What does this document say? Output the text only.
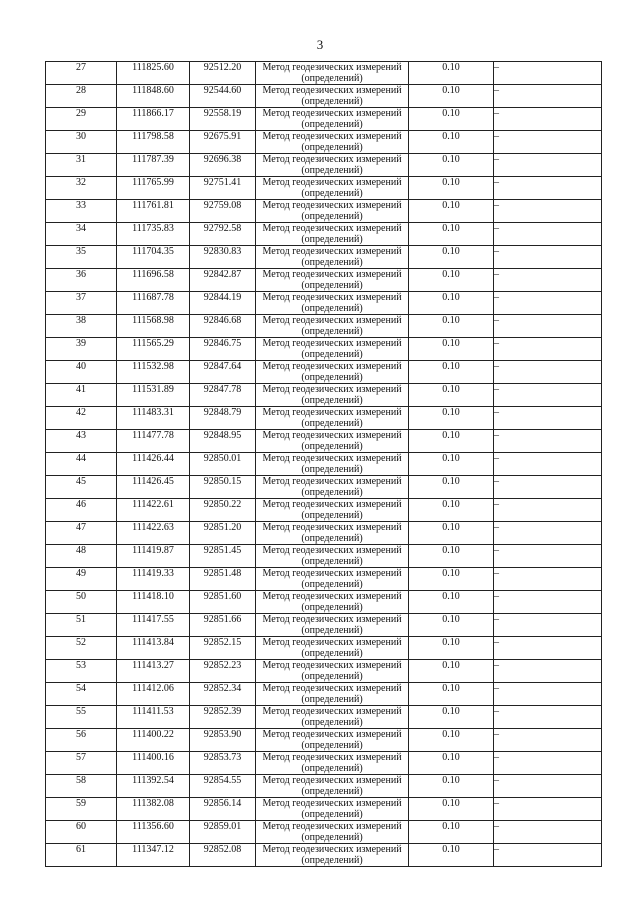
3
27	111825.60	92512.20	Метод геодезических измерений
(определений)	0.10	–
28	111848.60	92544.60	Метод геодезических измерений
(определений)	0.10	–
29	111866.17	92558.19	Метод геодезических измерений
(определений)	0.10	–
30	111798.58	92675.91	Метод геодезических измерений
(определений)	0.10	–
31	111787.39	92696.38	Метод геодезических измерений
(определений)	0.10	–
32	111765.99	92751.41	Метод геодезических измерений
(определений)	0.10	–
33	111761.81	92759.08	Метод геодезических измерений
(определений)	0.10	–
34	111735.83	92792.58	Метод геодезических измерений
(определений)	0.10	–
35	111704.35	92830.83	Метод геодезических измерений
(определений)	0.10	–
36	111696.58	92842.87	Метод геодезических измерений
(определений)	0.10	–
37	111687.78	92844.19	Метод геодезических измерений
(определений)	0.10	–
38	111568.98	92846.68	Метод геодезических измерений
(определений)	0.10	–
39	111565.29	92846.75	Метод геодезических измерений
(определений)	0.10	–
40	111532.98	92847.64	Метод геодезических измерений
(определений)	0.10	–
41	111531.89	92847.78	Метод геодезических измерений
(определений)	0.10	–
42	111483.31	92848.79	Метод геодезических измерений
(определений)	0.10	–
43	111477.78	92848.95	Метод геодезических измерений
(определений)	0.10	–
44	111426.44	92850.01	Метод геодезических измерений
(определений)	0.10	–
45	111426.45	92850.15	Метод геодезических измерений
(определений)	0.10	–
46	111422.61	92850.22	Метод геодезических измерений
(определений)	0.10	–
47	111422.63	92851.20	Метод геодезических измерений
(определений)	0.10	–
48	111419.87	92851.45	Метод геодезических измерений
(определений)	0.10	–
49	111419.33	92851.48	Метод геодезических измерений
(определений)	0.10	–
50	111418.10	92851.60	Метод геодезических измерений
(определений)	0.10	–
51	111417.55	92851.66	Метод геодезических измерений
(определений)	0.10	–
52	111413.84	92852.15	Метод геодезических измерений
(определений)	0.10	–
53	111413.27	92852.23	Метод геодезических измерений
(определений)	0.10	–
54	111412.06	92852.34	Метод геодезических измерений
(определений)	0.10	–
55	111411.53	92852.39	Метод геодезических измерений
(определений)	0.10	–
56	111400.22	92853.90	Метод геодезических измерений
(определений)	0.10	–
57	111400.16	92853.73	Метод геодезических измерений
(определений)	0.10	–
58	111392.54	92854.55	Метод геодезических измерений
(определений)	0.10	–
59	111382.08	92856.14	Метод геодезических измерений
(определений)	0.10	–
60	111356.60	92859.01	Метод геодезических измерений
(определений)	0.10	–
61	111347.12	92852.08	Метод геодезических измерений
(определений)	0.10	–
